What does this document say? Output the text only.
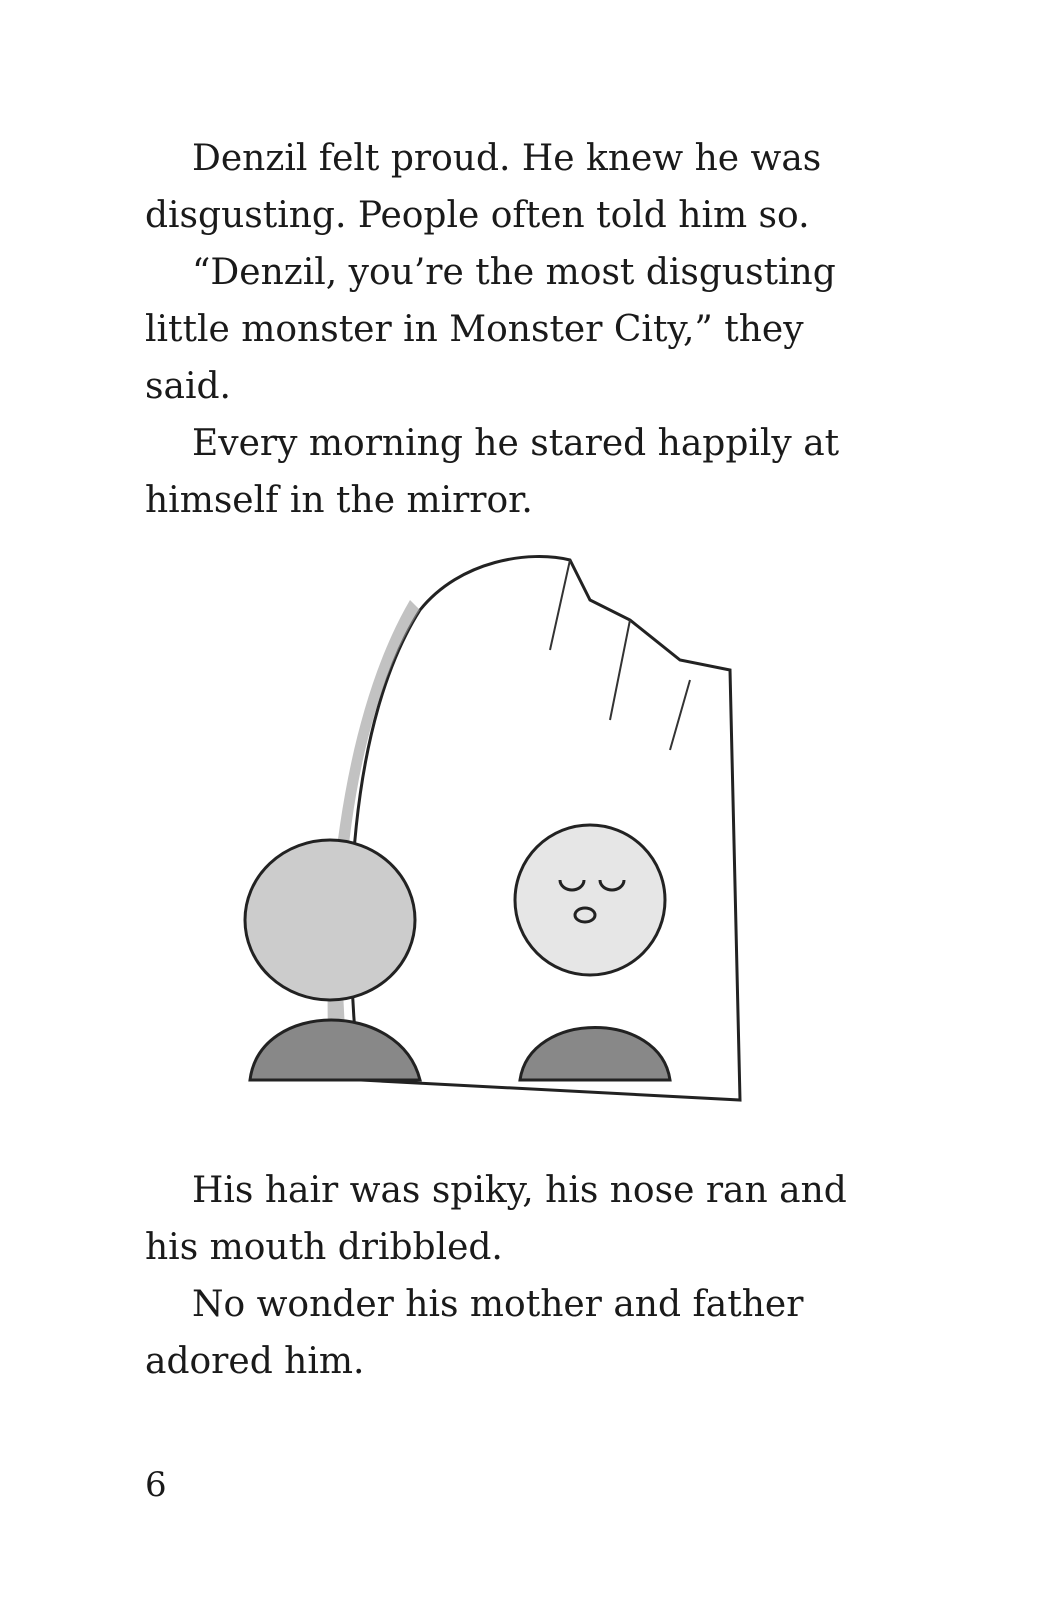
Denzil felt proud. He knew he was disgusting. People often told him so.

“Denzil, you’re the most disgusting little monster in Monster City,” they said.

Every morning he stared happily at himself in the mirror.

His hair was spiky, his nose ran and his mouth dribbled.

No wonder his mother and father adored him.

6
